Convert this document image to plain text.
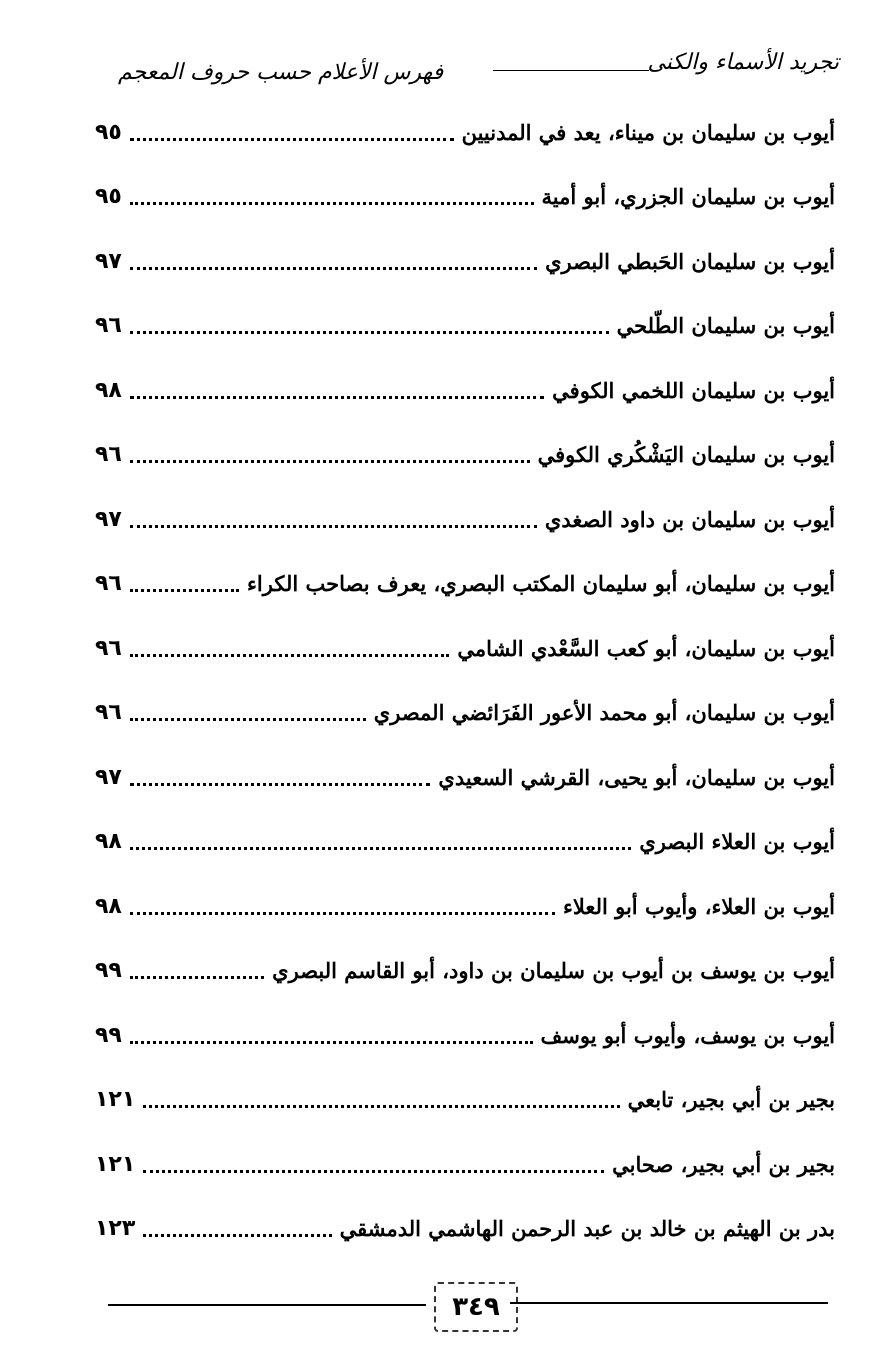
تجريد الأسماء والكنى
فهرس الأعلام حسب حروف المعجم
أيوب بن سليمان بن ميناء، يعد في المدنيين
٩٥
أيوب بن سليمان الجزري، أبو أمية
٩٥
أيوب بن سليمان الحَبطي البصري
٩٧
أيوب بن سليمان الطّلحي
٩٦
أيوب بن سليمان اللخمي الكوفي
٩٨
أيوب بن سليمان اليَشْكُري الكوفي
٩٦
أيوب بن سليمان بن داود الصغدي
٩٧
أيوب بن سليمان، أبو سليمان المكتب البصري، يعرف بصاحب الكراء
٩٦
أيوب بن سليمان، أبو كعب السَّعْدي الشامي
٩٦
أيوب بن سليمان، أبو محمد الأعور الفَرَائضي المصري
٩٦
أيوب بن سليمان، أبو يحيى، القرشي السعيدي
٩٧
أيوب بن العلاء البصري
٩٨
أيوب بن العلاء، وأيوب أبو العلاء
٩٨
أيوب بن يوسف بن أيوب بن سليمان بن داود، أبو القاسم البصري
٩٩
أيوب بن يوسف، وأيوب أبو يوسف
٩٩
بجير بن أبي بجير، تابعي
١٢١
بجير بن أبي بجير، صحابي
١٢١
بدر بن الهيثم بن خالد بن عبد الرحمن الهاشمي الدمشقي
١٢٣
٣٤٩
